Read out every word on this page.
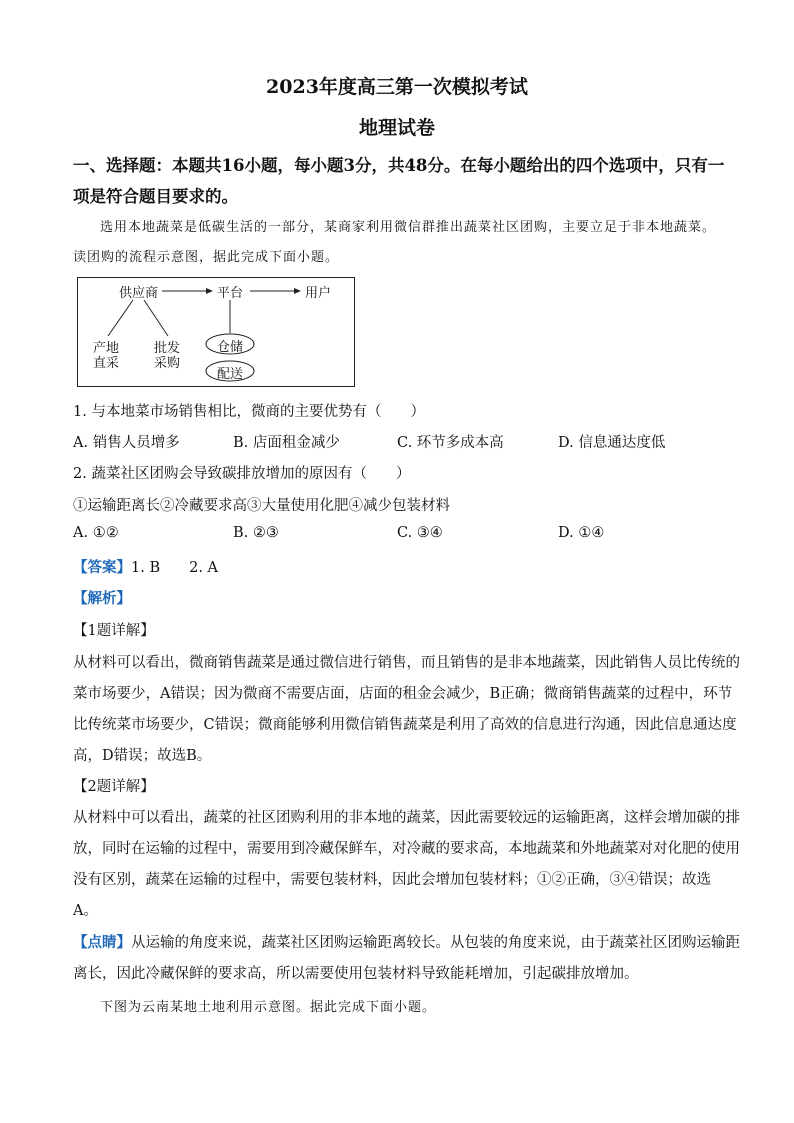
2023年度高三第一次模拟考试
地理试卷
一、选择题：本题共16小题，每小题3分，共48分。在每小题给出的四个选项中，只有一
项是符合题目要求的。
选用本地蔬菜是低碳生活的一部分，某商家利用微信群推出蔬菜社区团购，主要立足于非本地蔬菜。
读团购的流程示意图，据此完成下面小题。
供应商	平台	用户
产地
直采
批发
采购
仓储
配送
1. 与本地菜市场销售相比，微商的主要优势有（　　）
A. 销售人员增多	B. 店面租金减少	C. 环节多成本高	D. 信息通达度低
2. 蔬菜社区团购会导致碳排放增加的原因有（　　）
①运输距离长②冷藏要求高③大量使用化肥④减少包装材料
A. ①②	B. ②③	C. ③④	D. ①④
【答案】1. B　　2. A
【解析】
【1题详解】
从材料可以看出，微商销售蔬菜是通过微信进行销售，而且销售的是非本地蔬菜，因此销售人员比传统的
菜市场要少，A错误；因为微商不需要店面，店面的租金会减少，B正确；微商销售蔬菜的过程中，环节
比传统菜市场要少，C错误；微商能够利用微信销售蔬菜是利用了高效的信息进行沟通，因此信息通达度
高，D错误；故选B。
【2题详解】
从材料中可以看出，蔬菜的社区团购利用的非本地的蔬菜，因此需要较远的运输距离，这样会增加碳的排
放，同时在运输的过程中，需要用到冷藏保鲜车，对冷藏的要求高，本地蔬菜和外地蔬菜对对化肥的使用
没有区别，蔬菜在运输的过程中，需要包装材料，因此会增加包装材料；①②正确，③④错误；故选
A。
【点睛】从运输的角度来说，蔬菜社区团购运输距离较长。从包装的角度来说，由于蔬菜社区团购运输距
离长，因此冷藏保鲜的要求高，所以需要使用包装材料导致能耗增加，引起碳排放增加。
下图为云南某地土地利用示意图。据此完成下面小题。
